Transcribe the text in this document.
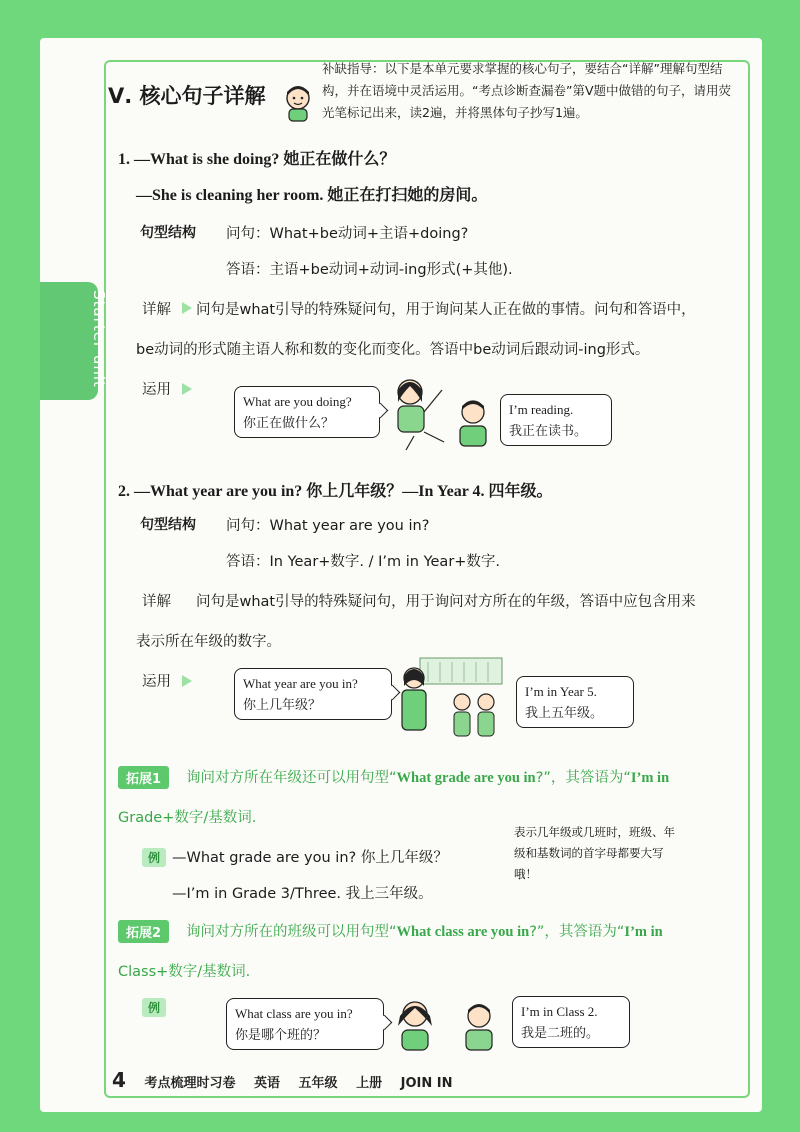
Starter unit
Ⅴ. 核心句子详解
补缺指导：以下是本单元要求掌握的核心句子，要结合“详解”理解句型结构，并在语境中灵活运用。“考点诊断查漏卷”第Ⅴ题中做错的句子，请用荧光笔标记出来，读2遍，并将黑体句子抄写1遍。
1. —What is she doing? 她正在做什么？
—She is cleaning her room. 她正在打扫她的房间。
句型结构 问句：What+be动词+主语+doing?
答语：主语+be动词+动词-ing形式(+其他).
详解 问句是what引导的特殊疑问句，用于询问某人正在做的事情。问句和答语中，
be动词的形式随主语人称和数的变化而变化。答语中be动词后跟动词-ing形式。
运用
What are you doing?
你正在做什么？
I’m reading.
我正在读书。
2. —What year are you in? 你上几年级？—In Year 4. 四年级。
句型结构 问句：What year are you in?
答语：In Year+数字. / I’m in Year+数字.
详解 问句是what引导的特殊疑问句，用于询问对方所在的年级，答语中应包含用来
表示所在年级的数字。
运用	What year are you in?
你上几年级？
I’m in Year 5.
我上五年级。
拓展1	询问对方所在年级还可以用句型“What grade are you in?”，其答语为“I’m in
Grade+数字/基数词.
例 —What grade are you in? 你上几年级？
—I’m in Grade 3/Three. 我上三年级。
表示几年级或几班时，班级、年级和基数词的首字母都要大写哦！
拓展2	询问对方所在的班级可以用句型“What class are you in?”，其答语为“I’m in
Class+数字/基数词.
例	What class are you in?
你是哪个班的？
I’m in Class 2.
我是二班的。
4 考点梳理时习卷 英语 五年级 上册 JOIN IN
